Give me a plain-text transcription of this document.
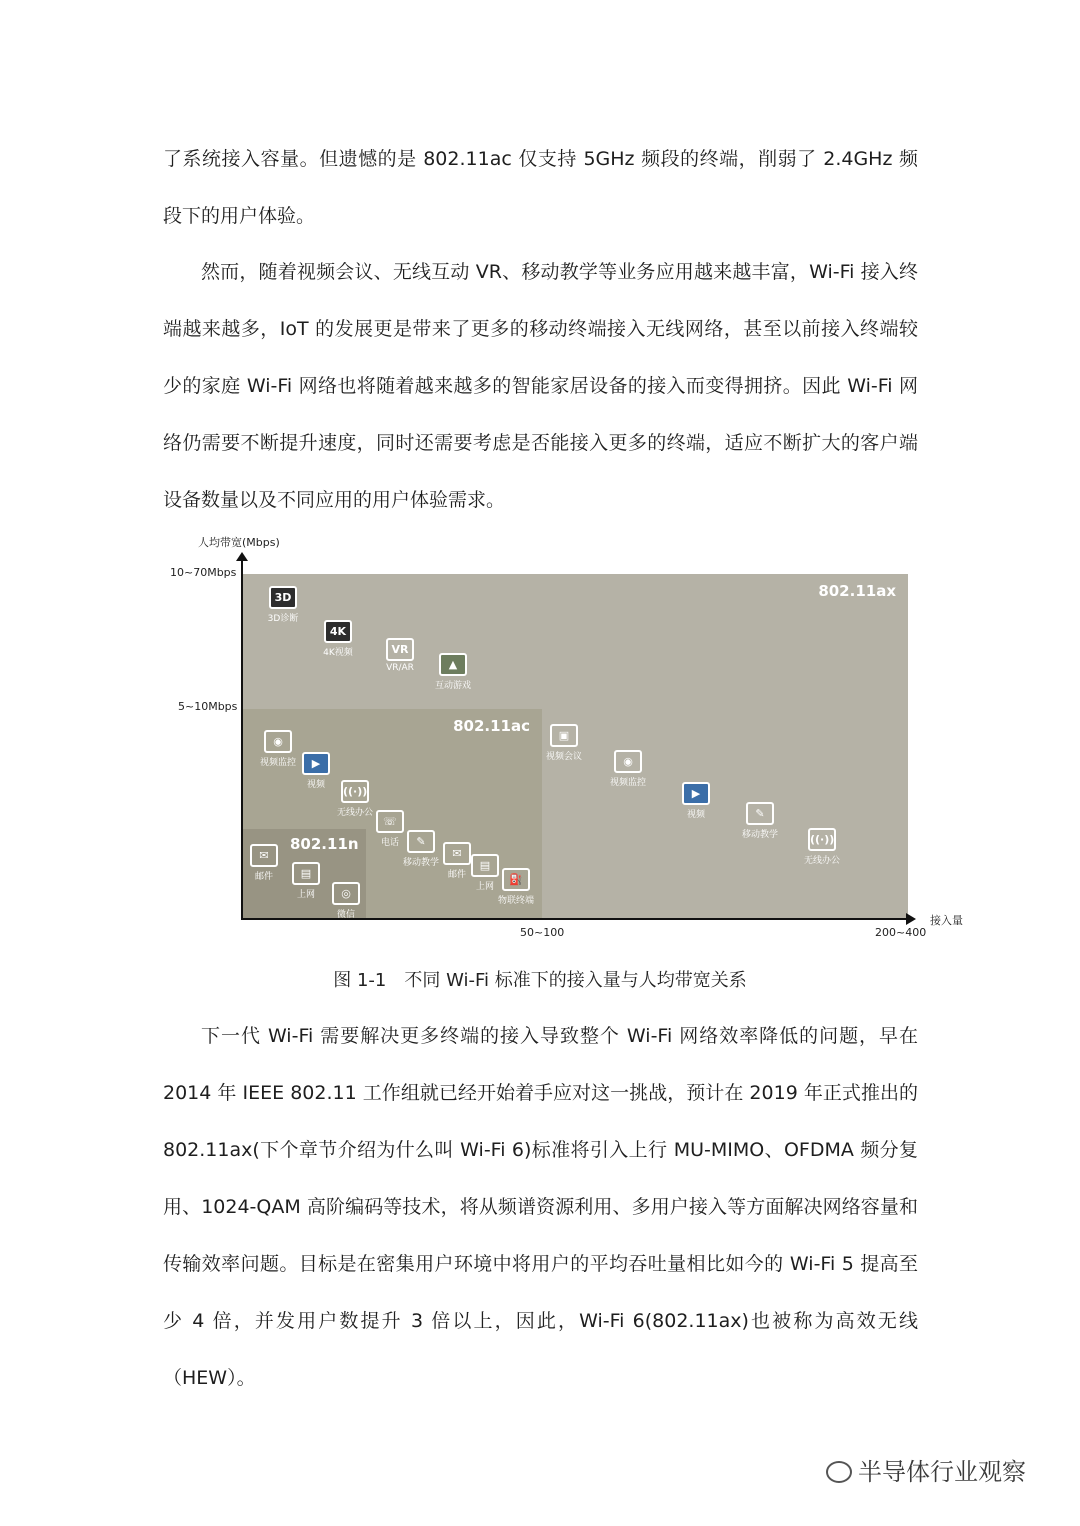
了系统接入容量。但遗憾的是 802.11ac 仅支持 5GHz 频段的终端，削弱了 2.4GHz 频段下的用户体验。

然而，随着视频会议、无线互动 VR、移动教学等业务应用越来越丰富，Wi-Fi 接入终端越来越多，IoT 的发展更是带来了更多的移动终端接入无线网络，甚至以前接入终端较少的家庭 Wi-Fi 网络也将随着越来越多的智能家居设备的接入而变得拥挤。因此 Wi-Fi 网络仍需要不断提升速度，同时还需要考虑是否能接入更多的终端，适应不断扩大的客户端设备数量以及不同应用的用户体验需求。

802.11ax
802.11ac
802.11n
人均带宽(Mbps)
10~70Mbps
5~10Mbps
接入量
50~100	200~400
3D
3D诊断
4K
4K视频	VR
VR/AR	▲
互动游戏
◉
视频监控	▶
视频	((·))
无线办公
☏
电话	✎
移动教学
✉
邮件
▤
上网
⛽
物联终端
✉
邮件	▤
上网	◎
微信
▣
视频会议	◉
视频监控
▶
视频	✎
移动教学	((·))
无线办公
图 1-1　不同 Wi-Fi 标准下的接入量与人均带宽关系

下一代 Wi-Fi 需要解决更多终端的接入导致整个 Wi-Fi 网络效率降低的问题，早在 2014 年 IEEE 802.11 工作组就已经开始着手应对这一挑战，预计在 2019 年正式推出的 802.11ax(下个章节介绍为什么叫 Wi-Fi 6)标准将引入上行 MU-MIMO、OFDMA 频分复用、1024-QAM 高阶编码等技术，将从频谱资源利用、多用户接入等方面解决网络容量和传输效率问题。目标是在密集用户环境中将用户的平均吞吐量相比如今的 Wi-Fi 5 提高至少 4 倍，并发用户数提升 3 倍以上，因此，Wi-Fi 6(802.11ax)也被称为高效无线（HEW）。

半导体行业观察
